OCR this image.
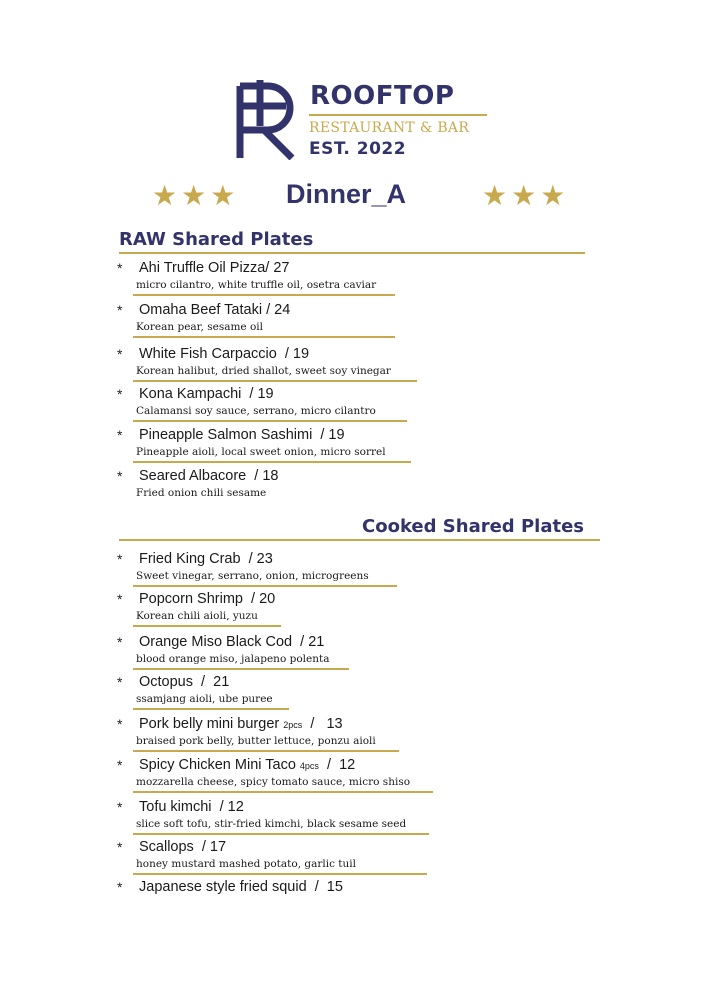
ROOFTOP
RESTAURANT & BAR
EST. 2022
★★★ Dinner_A	★★★
RAW Shared Plates
* Ahi Truffle Oil Pizza/ 27
micro cilantro, white truffle oil, osetra caviar
* Omaha Beef Tataki / 24
Korean pear, sesame oil
* White Fish Carpaccio  / 19
Korean halibut, dried shallot, sweet soy vinegar
* Kona Kampachi  / 19
Calamansi soy sauce, serrano, micro cilantro
* Pineapple Salmon Sashimi  / 19
Pineapple aioli, local sweet onion, micro sorrel
* Seared Albacore  / 18
Fried onion chili sesame
Cooked Shared Plates
* Fried King Crab  / 23
Sweet vinegar, serrano, onion, microgreens
* Popcorn Shrimp  / 20
Korean chili aioli, yuzu
* Orange Miso Black Cod  / 21
blood orange miso, jalapeno polenta
* Octopus  /  21
ssamjang aioli, ube puree
* Pork belly mini burger 2pcs  /   13
braised pork belly, butter lettuce, ponzu aioli
* Spicy Chicken Mini Taco 4pcs  /  12
mozzarella cheese, spicy tomato sauce, micro shiso
* Tofu kimchi  / 12
slice soft tofu, stir-fried kimchi, black sesame seed
* Scallops  / 17
honey mustard mashed potato, garlic tuil
* Japanese style fried squid  /  15
